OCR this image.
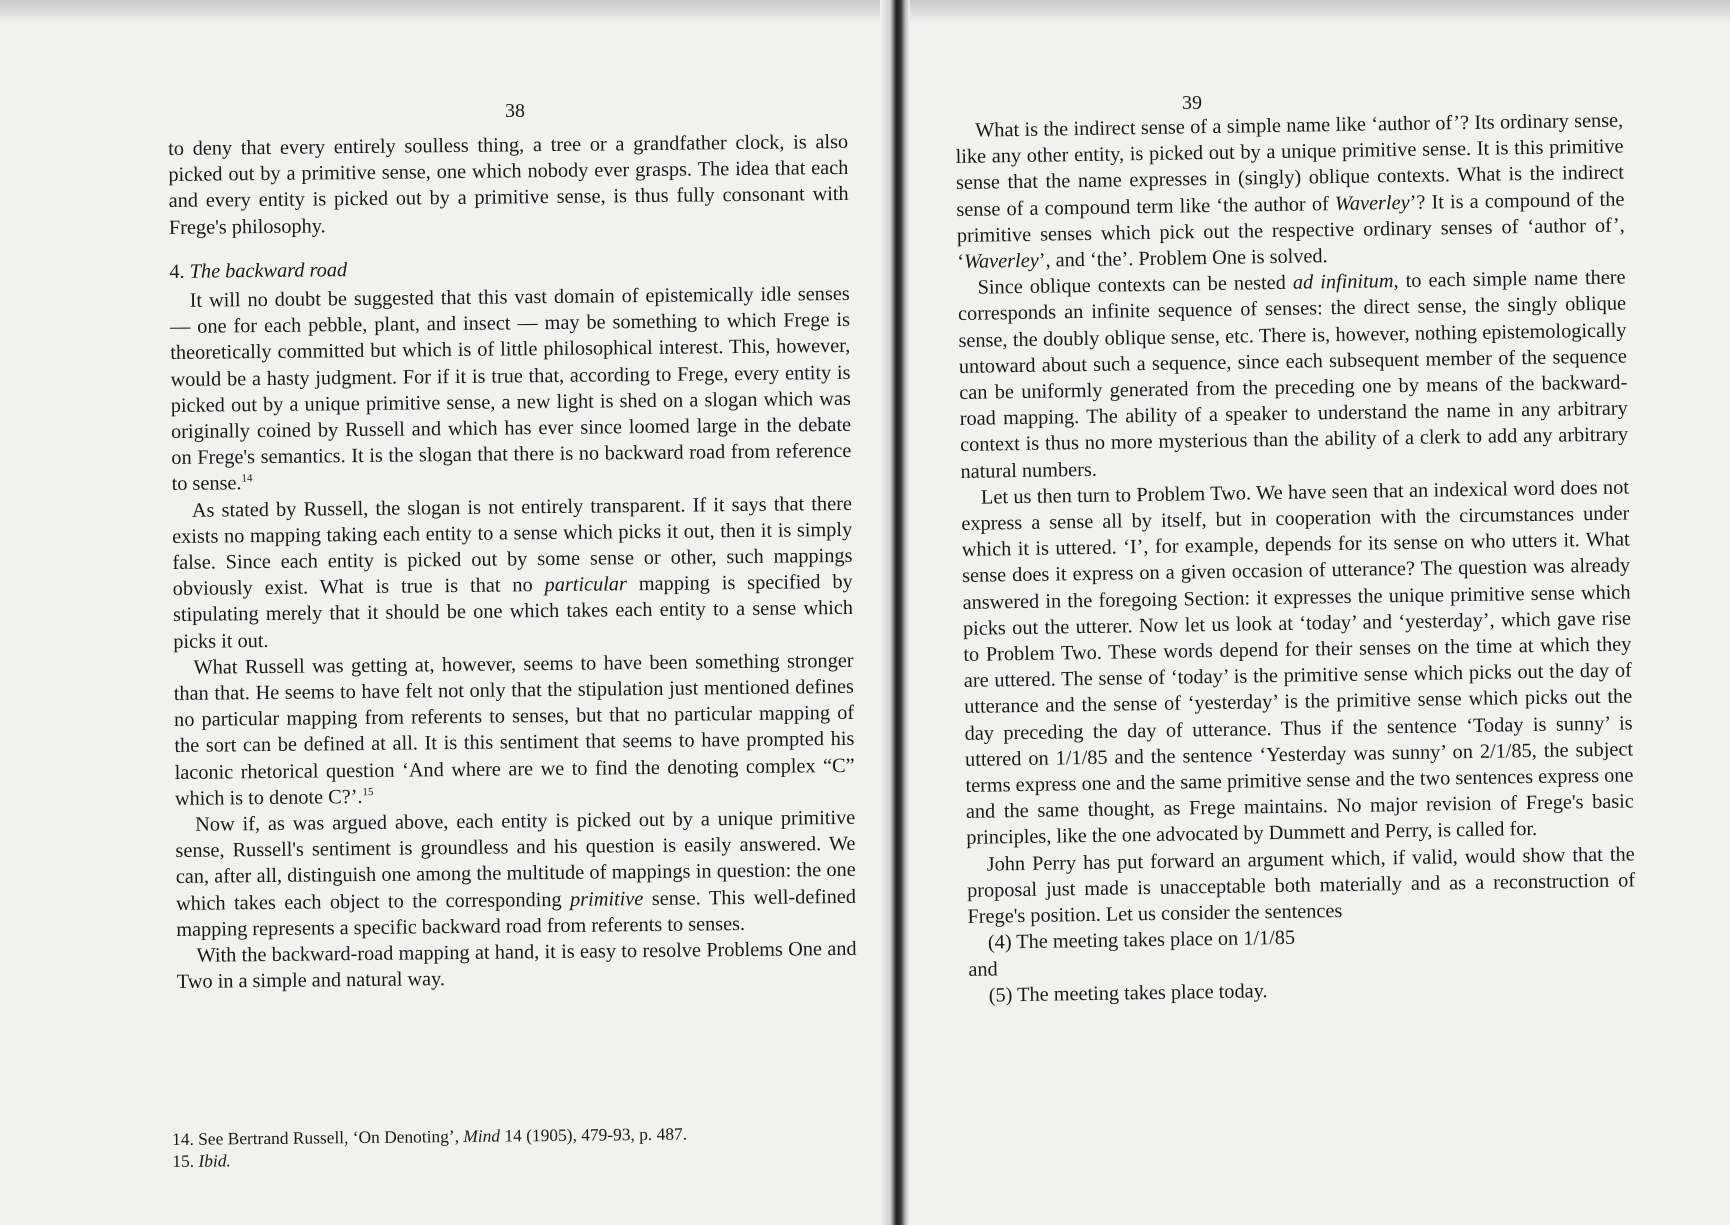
38

to deny that every entirely soulless thing, a tree or a grandfather clock, is also picked out by a primitive sense, one which nobody ever grasps. The idea that each and every entity is picked out by a primitive sense, is thus fully consonant with Frege's philosophy.

4. The backward road

It will no doubt be suggested that this vast domain of epistemically idle senses — one for each pebble, plant, and insect — may be something to which Frege is theoretically committed but which is of little philosophical interest. This, however, would be a hasty judgment. For if it is true that, according to Frege, every entity is picked out by a unique primitive sense, a new light is shed on a slogan which was originally coined by Russell and which has ever since loomed large in the debate on Frege's semantics. It is the slogan that there is no backward road from reference to sense.$^{14}$

As stated by Russell, the slogan is not entirely transparent. If it says that there exists no mapping taking each entity to a sense which picks it out, then it is simply false. Since each entity is picked out by some sense or other, such mappings obviously exist. What is true is that no particular mapping is specified by stipulating merely that it should be one which takes each entity to a sense which picks it out.

What Russell was getting at, however, seems to have been something stronger than that. He seems to have felt not only that the stipulation just mentioned defines no particular mapping from referents to senses, but that no particular mapping of the sort can be defined at all. It is this sentiment that seems to have prompted his laconic rhetorical question ‘And where are we to find the denoting complex “C” which is to denote C?’.$^{15}$

Now if, as was argued above, each entity is picked out by a unique primitive sense, Russell's sentiment is groundless and his question is easily answered. We can, after all, distinguish one among the multitude of mappings in question: the one which takes each object to the corresponding primitive sense. This well-defined mapping represents a specific backward road from referents to senses.

With the backward-road mapping at hand, it is easy to resolve Problems One and Two in a simple and natural way.

14. See Bertrand Russell, ‘On Denoting’, Mind 14 (1905), 479-93, p. 487.

15. Ibid.

39

What is the indirect sense of a simple name like ‘author of’? Its ordinary sense, like any other entity, is picked out by a unique primitive sense. It is this primitive sense that the name expresses in (singly) oblique contexts. What is the indirect sense of a compound term like ‘the author of Waverley’? It is a compound of the primitive senses which pick out the respective ordinary senses of ‘author of’, ‘Waverley’, and ‘the’. Problem One is solved.

Since oblique contexts can be nested ad infinitum, to each simple name there corresponds an infinite sequence of senses: the direct sense, the singly oblique sense, the doubly oblique sense, etc. There is, however, nothing epistemologically untoward about such a sequence, since each subsequent member of the sequence can be uniformly generated from the preceding one by means of the backward-road mapping. The ability of a speaker to understand the name in any arbitrary context is thus no more mysterious than the ability of a clerk to add any arbitrary natural numbers.

Let us then turn to Problem Two. We have seen that an indexical word does not express a sense all by itself, but in cooperation with the circumstances under which it is uttered. ‘I’, for example, depends for its sense on who utters it. What sense does it express on a given occasion of utterance? The question was already answered in the foregoing Section: it expresses the unique primitive sense which picks out the utterer. Now let us look at ‘today’ and ‘yesterday’, which gave rise to Problem Two. These words depend for their senses on the time at which they are uttered. The sense of ‘today’ is the primitive sense which picks out the day of utterance and the sense of ‘yesterday’ is the primitive sense which picks out the day preceding the day of utterance. Thus if the sentence ‘Today is sunny’ is uttered on 1/1/85 and the sentence ‘Yesterday was sunny’ on 2/1/85, the subject terms express one and the same primitive sense and the two sentences express one and the same thought, as Frege maintains. No major revision of Frege's basic principles, like the one advocated by Dummett and Perry, is called for.

John Perry has put forward an argument which, if valid, would show that the proposal just made is unacceptable both materially and as a reconstruction of Frege's position. Let us consider the sentences

(4) The meeting takes place on 1/1/85

and

(5) The meeting takes place today.
